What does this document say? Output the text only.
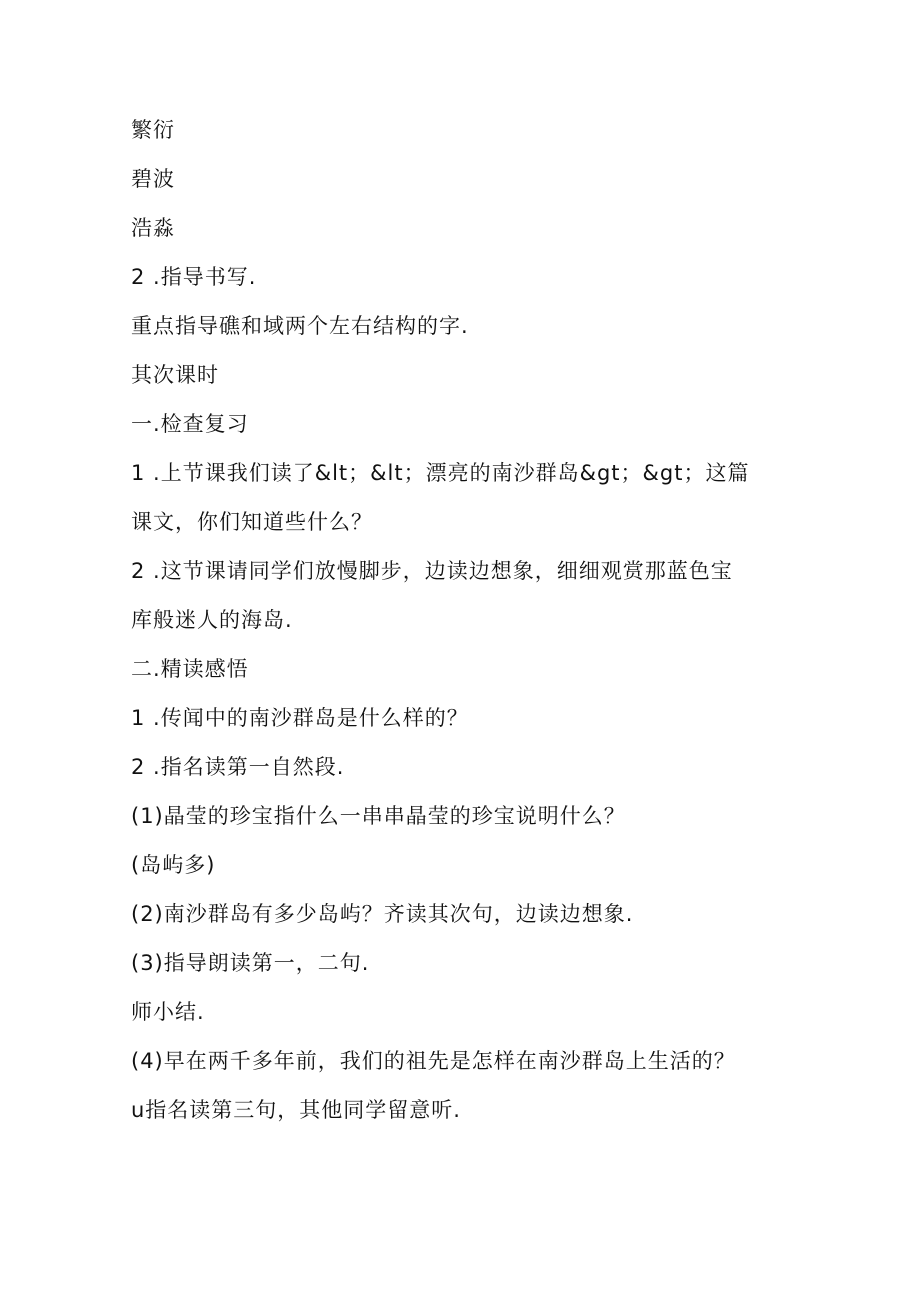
繁衍
碧波
浩淼
2 .指导书写.
重点指导礁和域两个左右结构的字.
其次课时
一.检查复习
1 .上节课我们读了&lt；&lt；漂亮的南沙群岛&gt；&gt；这篇
课文，你们知道些什么？
2 .这节课请同学们放慢脚步，边读边想象，细细观赏那蓝色宝
库般迷人的海岛.
二.精读感悟
1 .传闻中的南沙群岛是什么样的？
2 .指名读第一自然段.
(1)晶莹的珍宝指什么一串串晶莹的珍宝说明什么？
(岛屿多)
(2)南沙群岛有多少岛屿？齐读其次句，边读边想象.
(3)指导朗读第一，二句.
师小结.
(4)早在两千多年前，我们的祖先是怎样在南沙群岛上生活的？
u指名读第三句，其他同学留意听.
